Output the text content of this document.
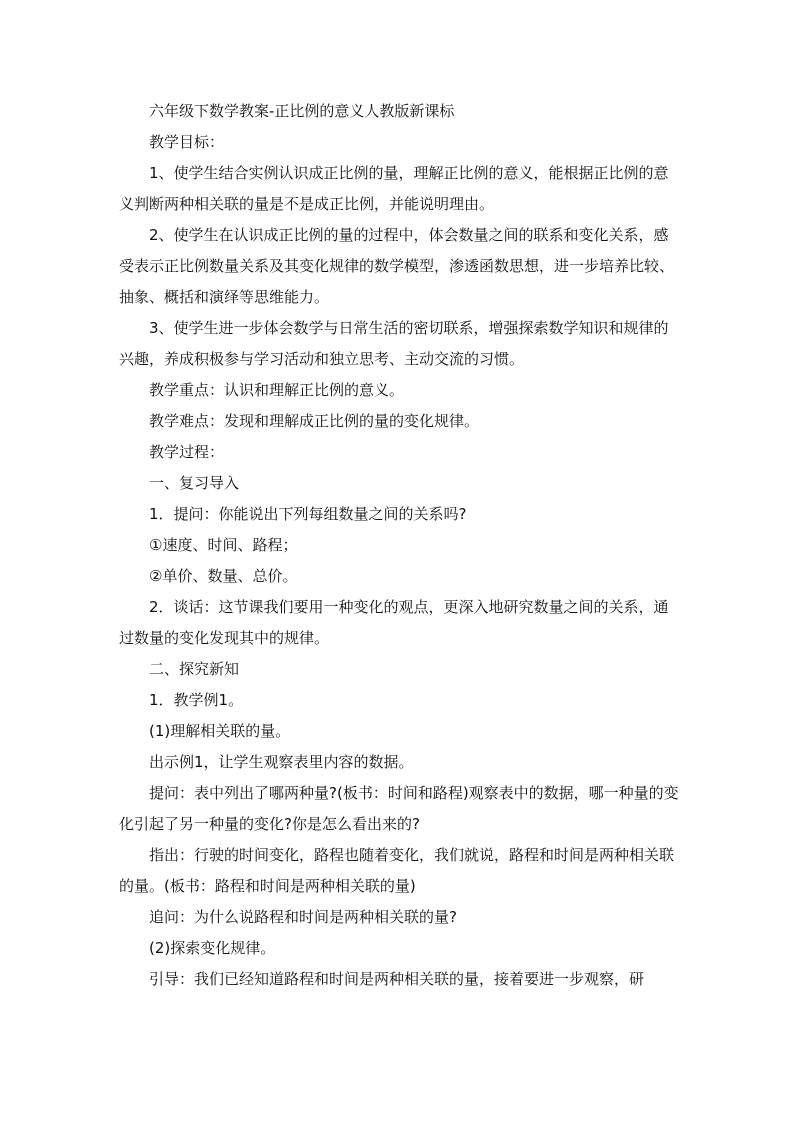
六年级下数学教案-正比例的意义人教版新课标

教学目标：

1、使学生结合实例认识成正比例的量，理解正比例的意义，能根据正比例的意义判断两种相关联的量是不是成正比例，并能说明理由。

2、使学生在认识成正比例的量的过程中，体会数量之间的联系和变化关系，感受表示正比例数量关系及其变化规律的数学模型，渗透函数思想，进一步培养比较、抽象、概括和演绎等思维能力。

3、使学生进一步体会数学与日常生活的密切联系，增强探索数学知识和规律的兴趣，养成积极参与学习活动和独立思考、主动交流的习惯。

教学重点：认识和理解正比例的意义。

教学难点：发现和理解成正比例的量的变化规律。

教学过程：

一、复习导入

1．提问：你能说出下列每组数量之间的关系吗?

①速度、时间、路程；

②单价、数量、总价。

2．谈话：这节课我们要用一种变化的观点，更深入地研究数量之间的关系，通过数量的变化发现其中的规律。

二、探究新知

1．教学例1。

(1)理解相关联的量。

出示例1，让学生观察表里内容的数据。

提问：表中列出了哪两种量?(板书：时间和路程)观察表中的数据，哪一种量的变化引起了另一种量的变化?你是怎么看出来的?

指出：行驶的时间变化，路程也随着变化，我们就说，路程和时间是两种相关联的量。(板书：路程和时间是两种相关联的量)

追问：为什么说路程和时间是两种相关联的量?

(2)探索变化规律。

引导：我们已经知道路程和时间是两种相关联的量，接着要进一步观察，研
